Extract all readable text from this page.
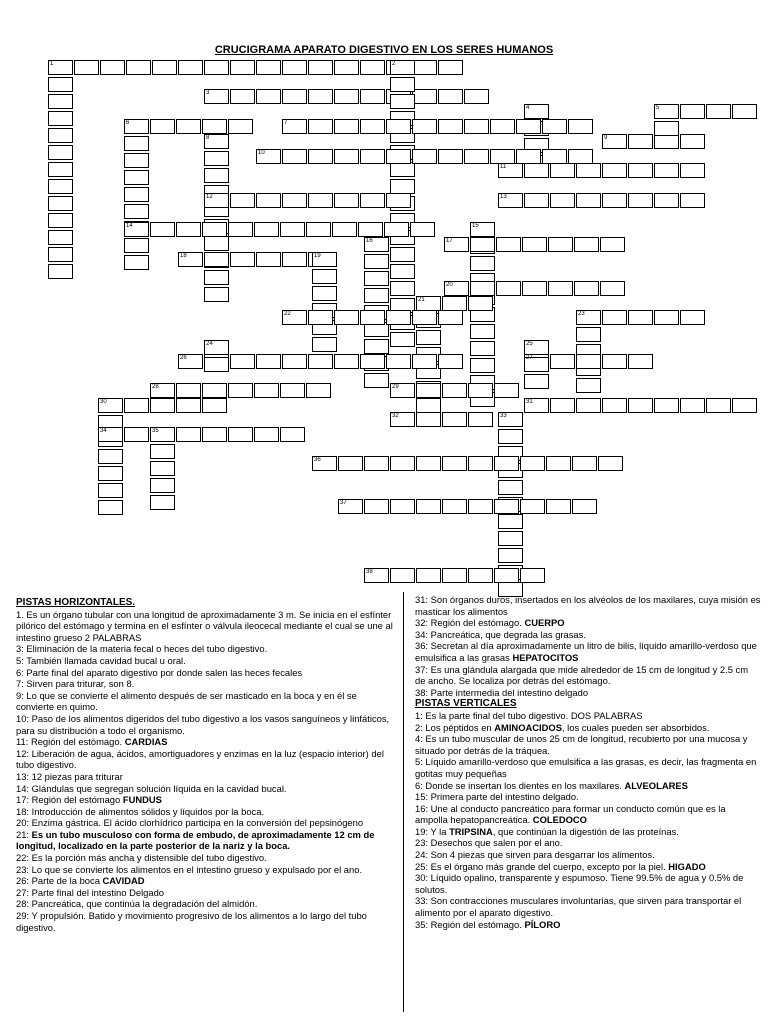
CRUCIGRAMA APARATO DIGESTIVO EN LOS SERES HUMANOS
1	2
3
4	5
6	7
8	9
10
11
12	13
14	15
16	17
18	19
20
21
22	23
24	25
26	27
28	29
30	31
32	33
34	35
36
37
38

PISTAS HORIZONTALES.

1. Es un órgano tubular con una longitud de aproximadamente 3 m. Se inicia en el esfínter pilórico del estómago y termina en el esfínter o válvula ileocecal mediante el cual se une al intestino grueso 2 PALABRAS

3: Eliminación de la materia fecal o heces del tubo digestivo.

5: También llamada cavidad bucal u oral.

6: Parte final del aparato digestivo por donde salen las heces fecales

7: Sirven para triturar, son 8.

9: Lo que se convierte el alimento después de ser masticado en la boca y en él se convierte en quimo.

10: Paso de los alimentos digeridos del tubo digestivo a los vasos sanguíneos y linfáticos, para su distribución a todo el organismo.

11: Región del estómago. CARDIAS

12: Liberación de agua, ácidos, amortiguadores y enzimas en la luz (espacio interior) del tubo digestivo.

13: 12 piezas para triturar

14: Glándulas que segregan solución líquida en la cavidad bucal.

17: Región del estómago FUNDUS

18: Introducción de alimentos sólidos y líquidos por la boca.

20: Enzima gástrica. El ácido clorhídrico participa en la conversión del pepsinógeno

21: Es un tubo musculoso con forma de embudo, de aproximadamente 12 cm de longitud, localizado en la parte posterior de la nariz y la boca.

22: Es la porción más ancha y distensible del tubo digestivo.

23: Lo que se convierte los alimentos en el intestino grueso y expulsado por el ano.

26: Parte de la boca CAVIDAD

27: Parte final del intestino Delgado

28: Pancreática, que continúa la degradación del almidón.

29: Y propulsión. Batido y movimiento progresivo de los alimentos a lo largo del tubo digestivo.

31: Son órganos duros, insertados en los alvéolos de los maxilares, cuya misión es masticar los alimentos

32: Región del estómago. CUERPO

34: Pancreática, que degrada las grasas.

36: Secretan al día aproximadamente un litro de bilis, líquido amarillo-verdoso que emulsifica a las grasas HEPATOCITOS

37: Es una glándula alargada que mide alrededor de 15 cm de longitud y 2.5 cm de ancho. Se localiza por detrás del estómago.

38: Parte intermedia del intestino delgado

PISTAS VERTICALES

1: Es la parte final del tubo digestivo. DOS PALABRAS

2: Los péptidos en AMINOACIDOS, los cuales pueden ser absorbidos.

4: Es un tubo muscular de unos 25 cm de longitud, recubierto por una mucosa y situado por detrás de la tráquea.

5: Líquido amarillo-verdoso que emulsifica a las grasas, es decir, las fragmenta en gotitas muy pequeñas

6: Donde se insertan los dientes en los maxilares. ALVEOLARES

15: Primera parte del intestino delgado.

16: Une al conducto pancreático para formar un conducto común que es la ampolla hepatopancreática. COLEDOCO

19: Y la TRIPSINA, que continúan la digestión de las proteínas.

23: Desechos que salen por el ano.

24: Son 4 piezas que sirven para desgarrar los alimentos.

25: Es el órgano más grande del cuerpo, excepto por la piel. HIGADO

30: Líquido opalino, transparente y espumoso. Tiene 99.5% de agua y 0.5% de solutos.

33: Son contracciones musculares involuntarias, que sirven para transportar el alimento por el aparato digestivo.

35: Región del estómago. PÍLORO
